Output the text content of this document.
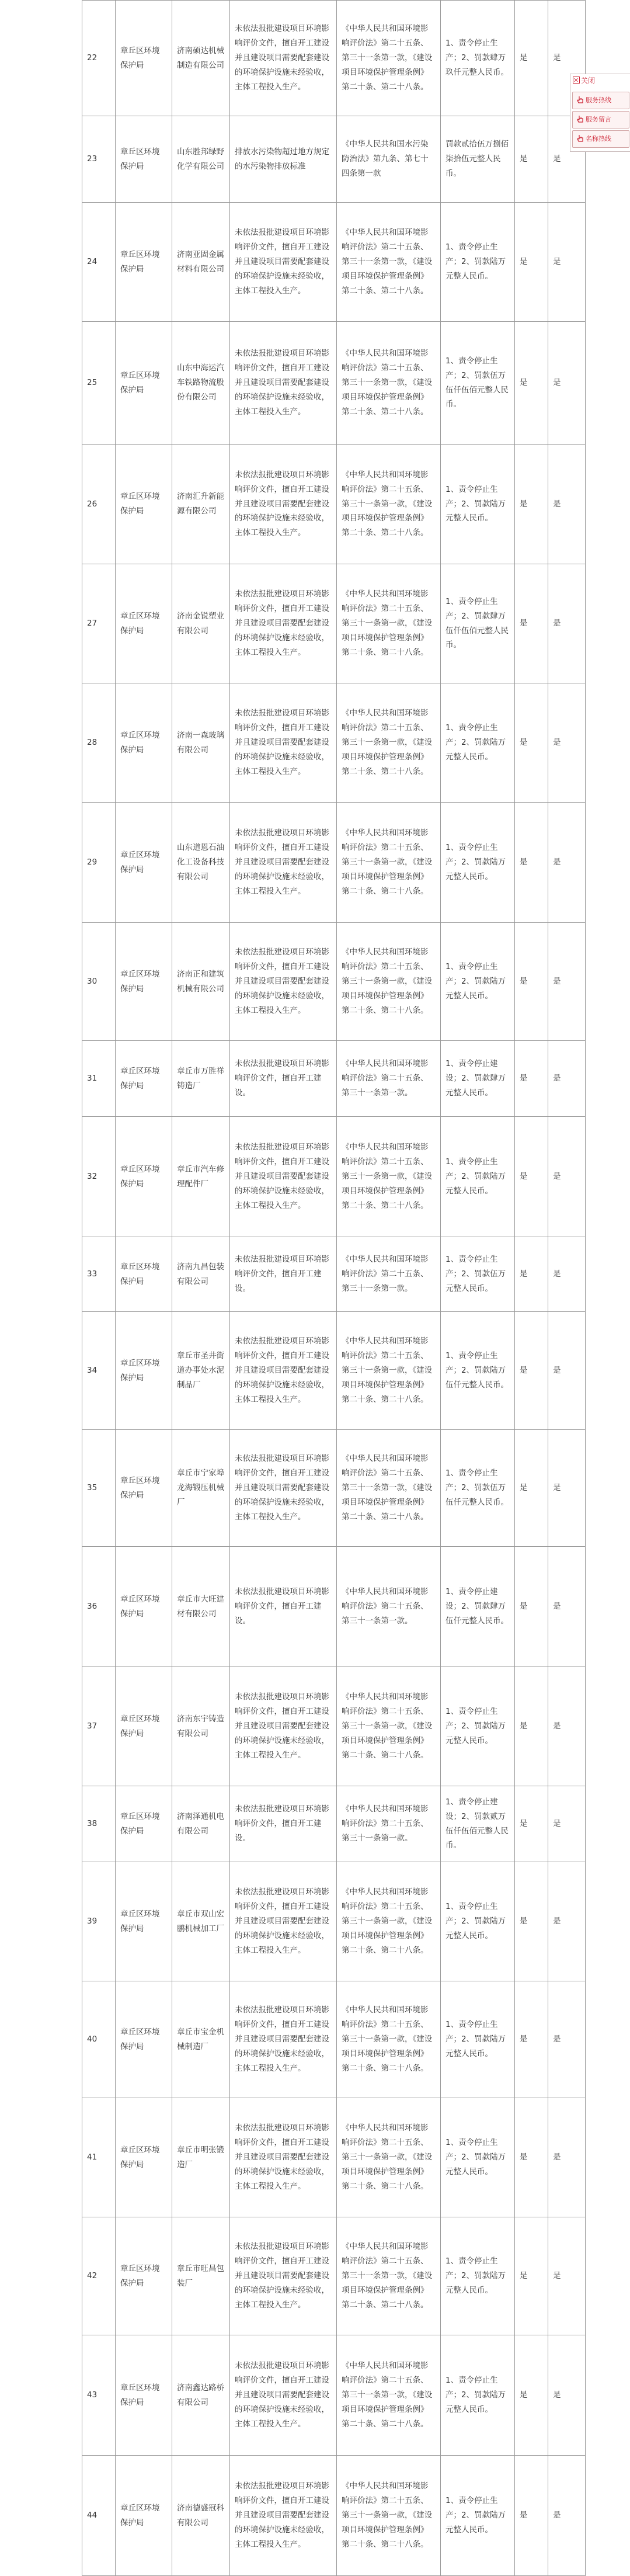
22	章丘区环境保护局	济南硕达机械制造有限公司	未依法报批建设项目环境影响评价文件，擅自开工建设并且建设项目需要配套建设的环境保护设施未经验收，主体工程投入生产。	《中华人民共和国环境影响评价法》第二十五条、第三十一条第一款，《建设项目环境保护管理条例》第二十条、第二十八条。	1、责令停止生产；2、罚款肆万玖仟元整人民币。	是	是
23	章丘区环境保护局	山东胜邦绿野化学有限公司	排放水污染物超过地方规定的水污染物排放标准	《中华人民共和国水污染防治法》第九条、第七十四条第一款	罚款贰拾伍万捌佰柒拾伍元整人民币。	是	是
24	章丘区环境保护局	济南亚固金属材料有限公司	未依法报批建设项目环境影响评价文件，擅自开工建设并且建设项目需要配套建设的环境保护设施未经验收，主体工程投入生产。	《中华人民共和国环境影响评价法》第二十五条、第三十一条第一款，《建设项目环境保护管理条例》第二十条、第二十八条。	1、责令停止生产；2、罚款陆万元整人民币。	是	是
25	章丘区环境保护局	山东中海运汽车铁路物流股份有限公司	未依法报批建设项目环境影响评价文件，擅自开工建设并且建设项目需要配套建设的环境保护设施未经验收，主体工程投入生产。	《中华人民共和国环境影响评价法》第二十五条、第三十一条第一款，《建设项目环境保护管理条例》第二十条、第二十八条。	1、责令停止生产；2、罚款伍万伍仟伍佰元整人民币。	是	是
26	章丘区环境保护局	济南汇升新能源有限公司	未依法报批建设项目环境影响评价文件，擅自开工建设并且建设项目需要配套建设的环境保护设施未经验收，主体工程投入生产。	《中华人民共和国环境影响评价法》第二十五条、第三十一条第一款，《建设项目环境保护管理条例》第二十条、第二十八条。	1、责令停止生产；2、罚款陆万元整人民币。	是	是
27	章丘区环境保护局	济南金锐塑业有限公司	未依法报批建设项目环境影响评价文件，擅自开工建设并且建设项目需要配套建设的环境保护设施未经验收，主体工程投入生产。	《中华人民共和国环境影响评价法》第二十五条、第三十一条第一款，《建设项目环境保护管理条例》第二十条、第二十八条。	1、责令停止生产；2、罚款肆万伍仟伍佰元整人民币。	是	是
28	章丘区环境保护局	济南一森玻璃有限公司	未依法报批建设项目环境影响评价文件，擅自开工建设并且建设项目需要配套建设的环境保护设施未经验收，主体工程投入生产。	《中华人民共和国环境影响评价法》第二十五条、第三十一条第一款，《建设项目环境保护管理条例》第二十条、第二十八条。	1、责令停止生产；2、罚款陆万元整人民币。	是	是
29	章丘区环境保护局	山东道恩石油化工设备科技有限公司	未依法报批建设项目环境影响评价文件，擅自开工建设并且建设项目需要配套建设的环境保护设施未经验收，主体工程投入生产。	《中华人民共和国环境影响评价法》第二十五条、第三十一条第一款，《建设项目环境保护管理条例》第二十条、第二十八条。	1、责令停止生产；2、罚款陆万元整人民币。	是	是
30	章丘区环境保护局	济南正和建筑机械有限公司	未依法报批建设项目环境影响评价文件，擅自开工建设并且建设项目需要配套建设的环境保护设施未经验收，主体工程投入生产。	《中华人民共和国环境影响评价法》第二十五条、第三十一条第一款，《建设项目环境保护管理条例》第二十条、第二十八条。	1、责令停止生产；2、罚款陆万元整人民币。	是	是
31	章丘区环境保护局	章丘市万胜祥铸造厂	未依法报批建设项目环境影响评价文件，擅自开工建设。	《中华人民共和国环境影响评价法》第二十五条、第三十一条第一款。	1、责令停止建设；2、罚款肆万元整人民币。	是	是
32	章丘区环境保护局	章丘市汽车修理配件厂	未依法报批建设项目环境影响评价文件，擅自开工建设并且建设项目需要配套建设的环境保护设施未经验收，主体工程投入生产。	《中华人民共和国环境影响评价法》第二十五条、第三十一条第一款，《建设项目环境保护管理条例》第二十条、第二十八条。	1、责令停止生产；2、罚款陆万元整人民币。	是	是
33	章丘区环境保护局	济南九昌包装有限公司	未依法报批建设项目环境影响评价文件，擅自开工建设。	《中华人民共和国环境影响评价法》第二十五条、第三十一条第一款。	1、责令停止生产；2、罚款伍万元整人民币。	是	是
34	章丘区环境保护局	章丘市圣井街道办事处水泥制品厂	未依法报批建设项目环境影响评价文件，擅自开工建设并且建设项目需要配套建设的环境保护设施未经验收，主体工程投入生产。	《中华人民共和国环境影响评价法》第二十五条、第三十一条第一款，《建设项目环境保护管理条例》第二十条、第二十八条。	1、责令停止生产；2、罚款陆万伍仟元整人民币。	是	是
35	章丘区环境保护局	章丘市宁家埠龙海锻压机械厂	未依法报批建设项目环境影响评价文件，擅自开工建设并且建设项目需要配套建设的环境保护设施未经验收，主体工程投入生产。	《中华人民共和国环境影响评价法》第二十五条、第三十一条第一款，《建设项目环境保护管理条例》第二十条、第二十八条。	1、责令停止生产；2、罚款伍万伍仟元整人民币。	是	是
36	章丘区环境保护局	章丘市大旺建材有限公司	未依法报批建设项目环境影响评价文件，擅自开工建设。	《中华人民共和国环境影响评价法》第二十五条、第三十一条第一款。	1、责令停止建设；2、罚款肆万伍仟元整人民币。	是	是
37	章丘区环境保护局	济南东宇铸造有限公司	未依法报批建设项目环境影响评价文件，擅自开工建设并且建设项目需要配套建设的环境保护设施未经验收，主体工程投入生产。	《中华人民共和国环境影响评价法》第二十五条、第三十一条第一款，《建设项目环境保护管理条例》第二十条、第二十八条。	1、责令停止生产；2、罚款陆万元整人民币。	是	是
38	章丘区环境保护局	济南泽通机电有限公司	未依法报批建设项目环境影响评价文件，擅自开工建设。	《中华人民共和国环境影响评价法》第二十五条、第三十一条第一款。	1、责令停止建设；2、罚款贰万伍仟伍佰元整人民币。	是	是
39	章丘区环境保护局	章丘市双山宏鹏机械加工厂	未依法报批建设项目环境影响评价文件，擅自开工建设并且建设项目需要配套建设的环境保护设施未经验收，主体工程投入生产。	《中华人民共和国环境影响评价法》第二十五条、第三十一条第一款，《建设项目环境保护管理条例》第二十条、第二十八条。	1、责令停止生产；2、罚款陆万元整人民币。	是	是
40	章丘区环境保护局	章丘市宝金机械制造厂	未依法报批建设项目环境影响评价文件，擅自开工建设并且建设项目需要配套建设的环境保护设施未经验收，主体工程投入生产。	《中华人民共和国环境影响评价法》第二十五条、第三十一条第一款，《建设项目环境保护管理条例》第二十条、第二十八条。	1、责令停止生产；2、罚款陆万元整人民币。	是	是
41	章丘区环境保护局	章丘市明张锻造厂	未依法报批建设项目环境影响评价文件，擅自开工建设并且建设项目需要配套建设的环境保护设施未经验收，主体工程投入生产。	《中华人民共和国环境影响评价法》第二十五条、第三十一条第一款，《建设项目环境保护管理条例》第二十条、第二十八条。	1、责令停止生产；2、罚款陆万元整人民币。	是	是
42	章丘区环境保护局	章丘市旺昌包装厂	未依法报批建设项目环境影响评价文件，擅自开工建设并且建设项目需要配套建设的环境保护设施未经验收，主体工程投入生产。	《中华人民共和国环境影响评价法》第二十五条、第三十一条第一款，《建设项目环境保护管理条例》第二十条、第二十八条。	1、责令停止生产；2、罚款陆万元整人民币。	是	是
43	章丘区环境保护局	济南鑫达路桥有限公司	未依法报批建设项目环境影响评价文件，擅自开工建设并且建设项目需要配套建设的环境保护设施未经验收，主体工程投入生产。	《中华人民共和国环境影响评价法》第二十五条、第三十一条第一款，《建设项目环境保护管理条例》第二十条、第二十八条。	1、责令停止生产；2、罚款陆万元整人民币。	是	是
44	章丘区环境保护局	济南德盛冠科有限公司	未依法报批建设项目环境影响评价文件，擅自开工建设并且建设项目需要配套建设的环境保护设施未经验收，主体工程投入生产。	《中华人民共和国环境影响评价法》第二十五条、第三十一条第一款，《建设项目环境保护管理条例》第二十条、第二十八条。	1、责令停止生产；2、罚款陆万元整人民币。	是	是
关闭
服务热线
服务留言
名称热线
